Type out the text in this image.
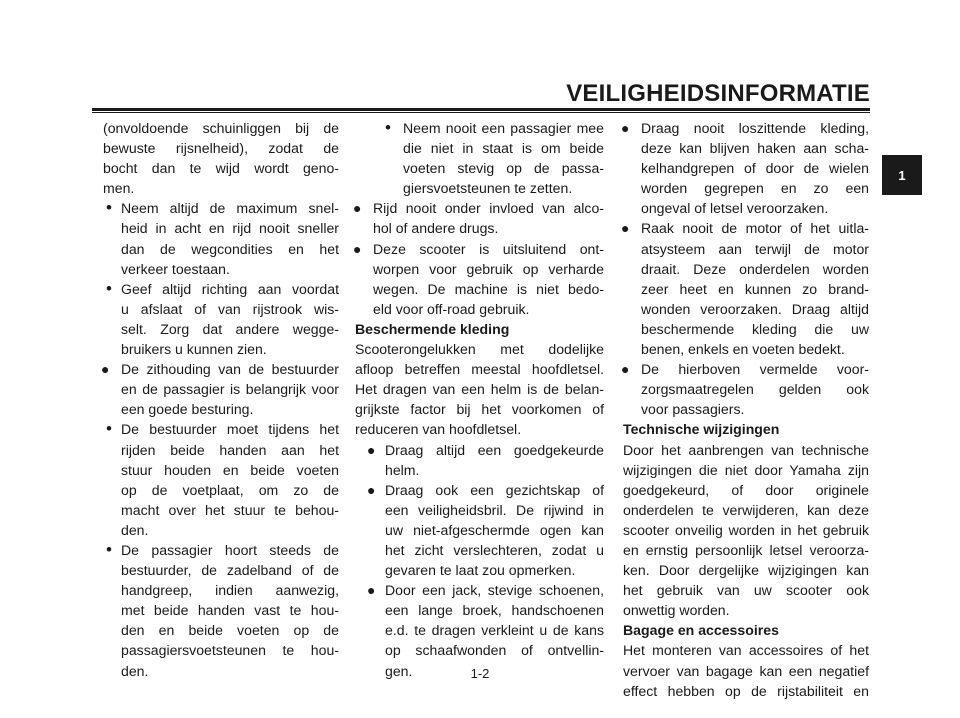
VEILIGHEIDSINFORMATIE
1
(onvoldoende schuinliggen bij de
bewuste rijsnelheid), zodat de
bocht dan te wijd wordt geno-
men.
• Neem altijd de maximum snel-
heid in acht en rijd nooit sneller
dan de wegcondities en het
verkeer toestaan.
• Geef altijd richting aan voordat
u afslaat of van rijstrook wis-
selt. Zorg dat andere wegge-
bruikers u kunnen zien.
● De zithouding van de bestuurder
en de passagier is belangrijk voor
een goede besturing.
• De bestuurder moet tijdens het
rijden beide handen aan het
stuur houden en beide voeten
op de voetplaat, om zo de
macht over het stuur te behou-
den.
• De passagier hoort steeds de
bestuurder, de zadelband of de
handgreep, indien aanwezig,
met beide handen vast te hou-
den en beide voeten op de
passagiersvoetsteunen te hou-
den.
• Neem nooit een passagier mee
die niet in staat is om beide
voeten stevig op de passa-
giersvoetsteunen te zetten.
● Rijd nooit onder invloed van alco-
hol of andere drugs.
● Deze scooter is uitsluitend ont-
worpen voor gebruik op verharde
wegen. De machine is niet bedo-
eld voor off-road gebruik.
Beschermende kleding
Scooterongelukken met dodelijke
afloop betreffen meestal hoofdletsel.
Het dragen van een helm is de belan-
grijkste factor bij het voorkomen of
reduceren van hoofdletsel.
● Draag altijd een goedgekeurde
helm.
● Draag ook een gezichtskap of
een veiligheidsbril. De rijwind in
uw niet-afgeschermde ogen kan
het zicht verslechteren, zodat u
gevaren te laat zou opmerken.
● Door een jack, stevige schoenen,
een lange broek, handschoenen
e.d. te dragen verkleint u de kans
op schaafwonden of ontvellin-
gen.
● Draag nooit loszittende kleding,
deze kan blijven haken aan scha-
kelhandgrepen of door de wielen
worden gegrepen en zo een
ongeval of letsel veroorzaken.
● Raak nooit de motor of het uitla-
atsysteem aan terwijl de motor
draait. Deze onderdelen worden
zeer heet en kunnen zo brand-
wonden veroorzaken. Draag altijd
beschermende kleding die uw
benen, enkels en voeten bedekt.
● De hierboven vermelde voor-
zorgsmaatregelen gelden ook
voor passagiers.
Technische wijzigingen
Door het aanbrengen van technische
wijzigingen die niet door Yamaha zijn
goedgekeurd, of door originele
onderdelen te verwijderen, kan deze
scooter onveilig worden in het gebruik
en ernstig persoonlijk letsel veroorza-
ken. Door dergelijke wijzigingen kan
het gebruik van uw scooter ook
onwettig worden.
Bagage en accessoires
Het monteren van accessoires of het
vervoer van bagage kan een negatief
effect hebben op de rijstabiliteit en
1-2
